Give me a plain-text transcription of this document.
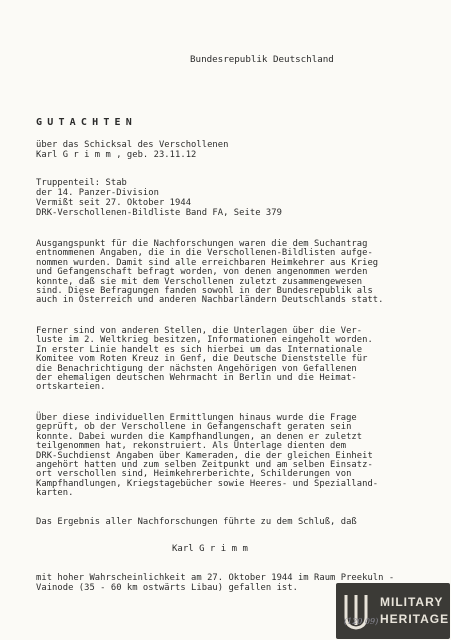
Bundesrepublik Deutschland
GUTACHTEN
über das Schicksal des Verschollenen
Karl G r i m m , geb. 23.11.12
Truppenteil: Stab
der 14. Panzer-Division
Vermißt seit 27. Oktober 1944
DRK-Verschollenen-Bildliste Band FA, Seite 379
Ausgangspunkt für die Nachforschungen waren die dem Suchantrag
entnommenen Angaben, die in die Verschollenen-Bildlisten aufge-
nommen wurden. Damit sind alle erreichbaren Heimkehrer aus Krieg
und Gefangenschaft befragt worden, von denen angenommen werden
konnte, daß sie mit dem Verschollenen zuletzt zusammengewesen
sind. Diese Befragungen fanden sowohl in der Bundesrepublik als
auch in Österreich und anderen Nachbarländern Deutschlands statt.
Ferner sind von anderen Stellen, die Unterlagen über die Ver-
luste im 2. Weltkrieg besitzen, Informationen eingeholt worden.
In erster Linie handelt es sich hierbei um das Internationale
Komitee vom Roten Kreuz in Genf, die Deutsche Dienststelle für
die Benachrichtigung der nächsten Angehörigen von Gefallenen
der ehemaligen deutschen Wehrmacht in Berlin und die Heimat-
ortskarteien.
Über diese individuellen Ermittlungen hinaus wurde die Frage
geprüft, ob der Verschollene in Gefangenschaft geraten sein
konnte. Dabei wurden die Kampfhandlungen, an denen er zuletzt
teilgenommen hat, rekonstruiert. Als Unterlage dienten dem
DRK-Suchdienst Angaben über Kameraden, die der gleichen Einheit
angehört hatten und zum selben Zeitpunkt und am selben Einsatz-
ort verschollen sind, Heimkehrerberichte, Schilderungen von
Kampfhandlungen, Kriegstagebücher sowie Heeres- und Spezialland-
karten.
Das Ergebnis aller Nachforschungen führte zu dem Schluß, daß
Karl G r i m m
mit hoher Wahrscheinlichkeit am 27. Oktober 1944 im Raum Preekuln -
Vainode (35 - 60 km ostwärts Libau) gefallen ist.
MILITARY
HERITAGE
(120 09)
